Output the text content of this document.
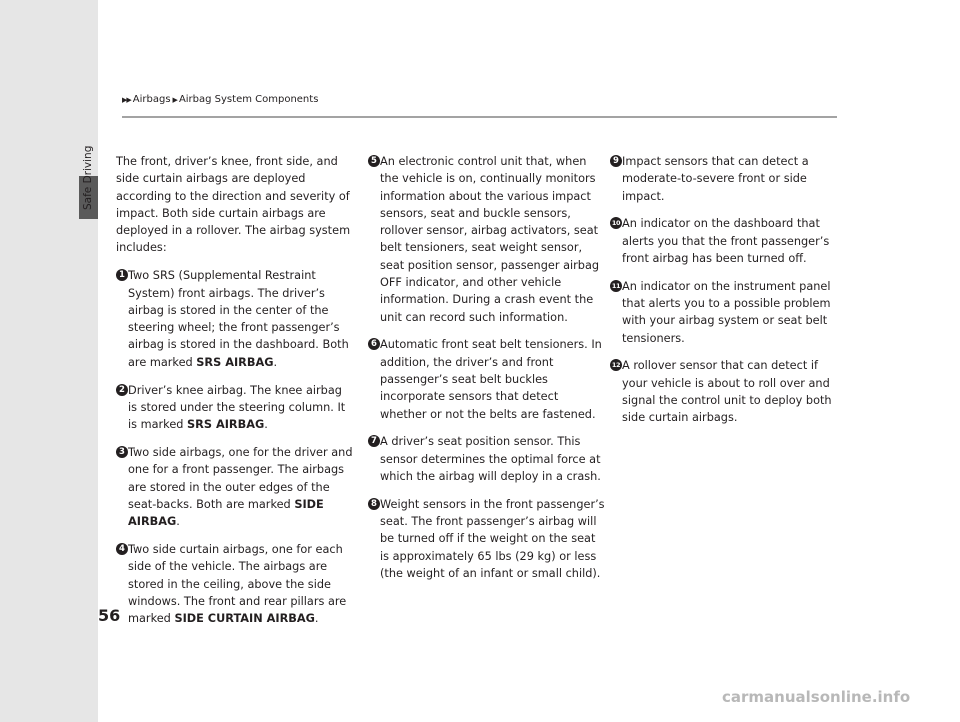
Safe Driving
▶▶ Airbags ▶ Airbag System Components

The front, driver’s knee, front side, and side curtain airbags are deployed according to the direction and severity of impact. Both side curtain airbags are deployed in a rollover. The airbag system includes:

1 Two SRS (Supplemental Restraint System) front airbags. The driver’s airbag is stored in the center of the steering wheel; the front passenger’s airbag is stored in the dashboard. Both are marked SRS AIRBAG.
2 Driver’s knee airbag. The knee airbag is stored under the steering column. It is marked SRS AIRBAG.
3 Two side airbags, one for the driver and one for a front passenger. The airbags are stored in the outer edges of the seat-backs. Both are marked SIDE AIRBAG.
4 Two side curtain airbags, one for each side of the vehicle. The airbags are stored in the ceiling, above the side windows. The front and rear pillars are marked SIDE CURTAIN AIRBAG.
5 An electronic control unit that, when the vehicle is on, continually monitors information about the various impact sensors, seat and buckle sensors, rollover sensor, airbag activators, seat belt tensioners, seat weight sensor, seat position sensor, passenger airbag OFF indicator, and other vehicle information. During a crash event the unit can record such information.
6 Automatic front seat belt tensioners. In addition, the driver’s and front passenger’s seat belt buckles incorporate sensors that detect whether or not the belts are fastened.
7 A driver’s seat position sensor. This sensor determines the optimal force at which the airbag will deploy in a crash.
8 Weight sensors in the front passenger’s seat. The front passenger’s airbag will be turned off if the weight on the seat is approximately 65 lbs (29 kg) or less (the weight of an infant or small child).
9 Impact sensors that can detect a moderate-to-severe front or side impact.
10 An indicator on the dashboard that alerts you that the front passenger’s front airbag has been turned off.
11 An indicator on the instrument panel that alerts you to a possible problem with your airbag system or seat belt tensioners.
12 A rollover sensor that can detect if your vehicle is about to roll over and signal the control unit to deploy both side curtain airbags.
56
carmanualsonline.info
